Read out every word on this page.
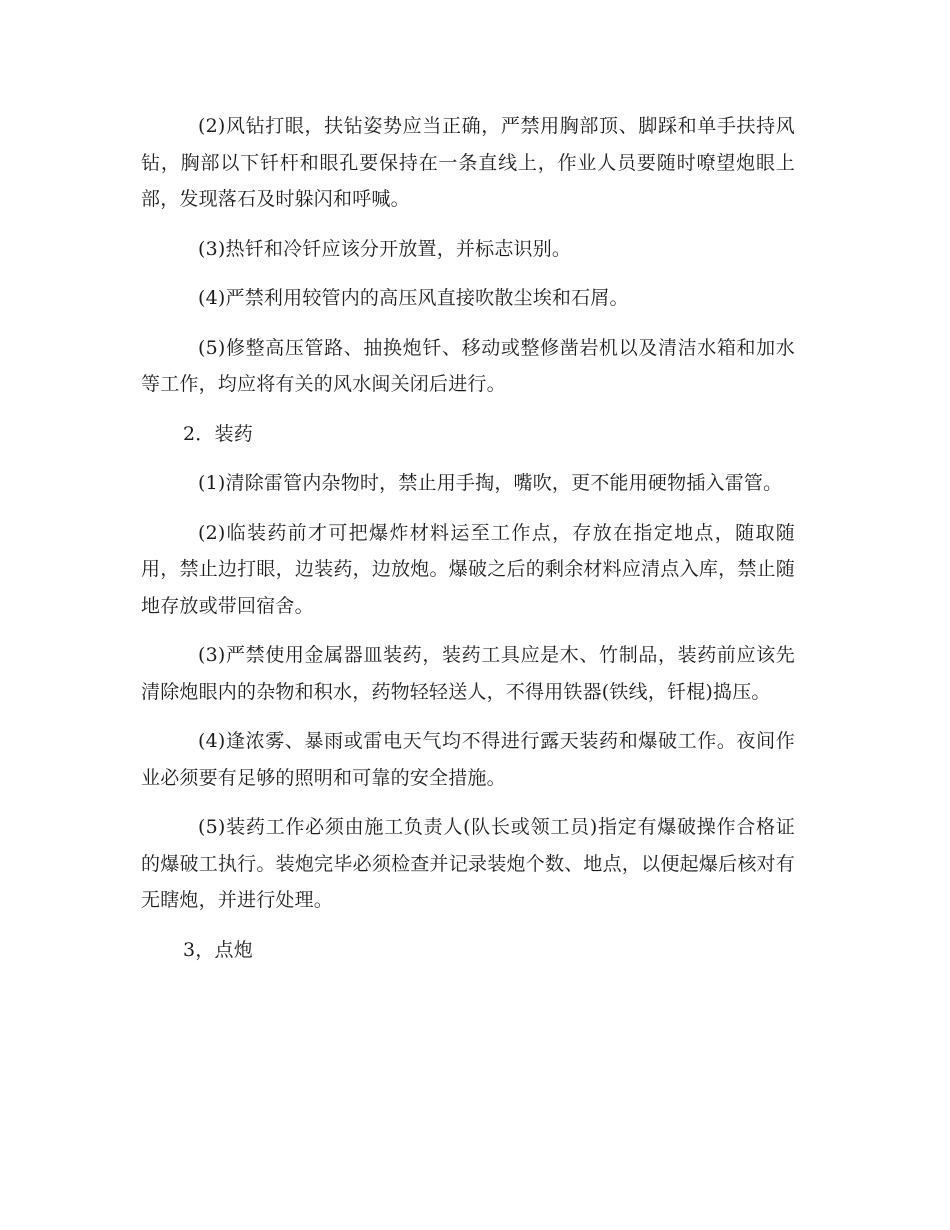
(2)风钻打眼，扶钻姿势应当正确，严禁用胸部顶、脚踩和单手扶持风钻，胸部以下钎杆和眼孔要保持在一条直线上，作业人员要随时嘹望炮眼上部，发现落石及时躲闪和呼喊。

(3)热钎和冷钎应该分开放置，并标志识别。

(4)严禁利用较管内的高压风直接吹散尘埃和石屑。

(5)修整高压管路、抽换炮钎、移动或整修凿岩机以及清洁水箱和加水等工作，均应将有关的风水闽关闭后进行。

2．装药

(1)清除雷管内杂物时，禁止用手掏，嘴吹，更不能用硬物插入雷管。

(2)临装药前才可把爆炸材料运至工作点，存放在指定地点，随取随用，禁止边打眼，边装药，边放炮。爆破之后的剩余材料应清点入库，禁止随地存放或带回宿舍。

(3)严禁使用金属器皿装药，装药工具应是木、竹制品，装药前应该先清除炮眼内的杂物和积水，药物轻轻送人，不得用铁器(铁线，钎棍)捣压。

(4)逢浓雾、暴雨或雷电天气均不得进行露天装药和爆破工作。夜间作业必须要有足够的照明和可靠的安全措施。

(5)装药工作必须由施工负责人(队长或领工员)指定有爆破操作合格证的爆破工执行。装炮完毕必须检查并记录装炮个数、地点，以便起爆后核对有无瞎炮，并进行处理。

3，点炮
